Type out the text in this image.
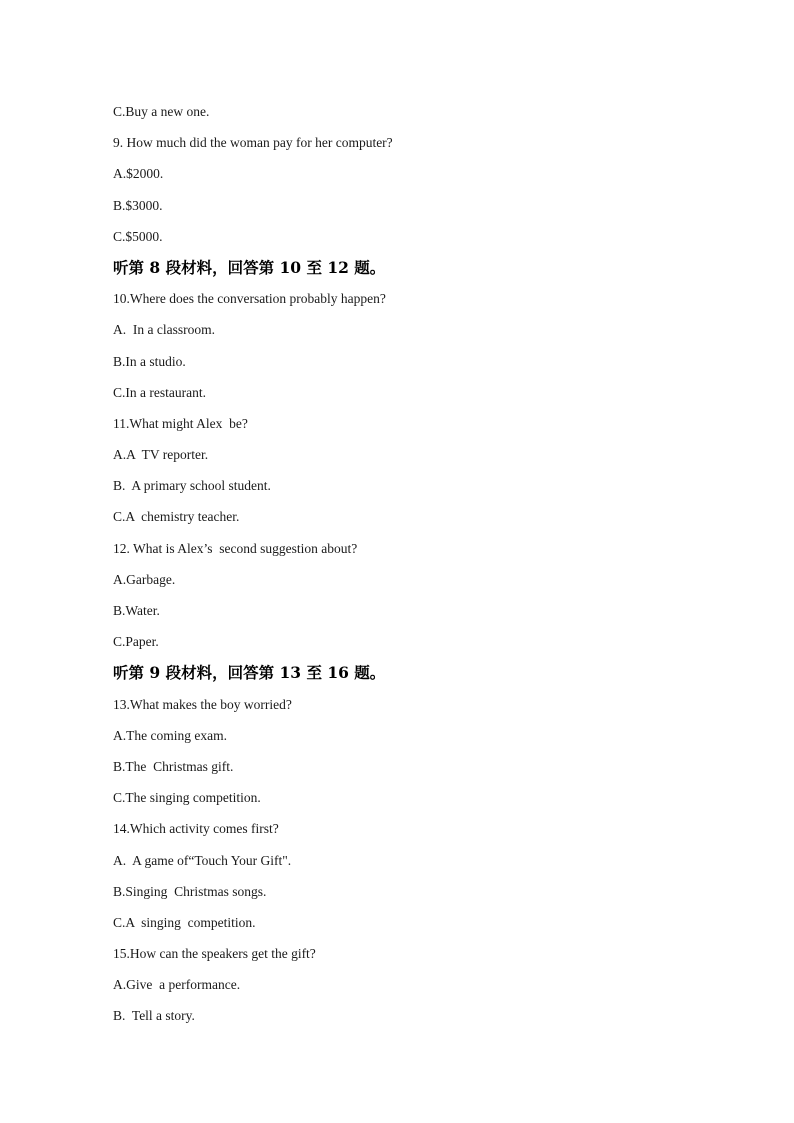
C.Buy a new one.

9. How much did the woman pay for her computer?

A.$2000.

B.$3000.

C.$5000.

听第 8 段材料，回答第 10 至 12 题。

10.Where does the conversation probably happen?

A.  In a classroom.

B.In a studio.

C.In a restaurant.

11.What might Alex  be?

A.A  TV reporter.

B.  A primary school student.

C.A  chemistry teacher.

12. What is Alex’s  second suggestion about?

A.Garbage.

B.Water.

C.Paper.

听第 9 段材料，回答第 13 至 16 题。

13.What makes the boy worried?

A.The coming exam.

B.The  Christmas gift.

C.The singing competition.

14.Which activity comes first?

A.  A game of“Touch Your Gift".

B.Singing  Christmas songs.

C.A  singing  competition.

15.How can the speakers get the gift?

A.Give  a performance.

B.  Tell a story.
